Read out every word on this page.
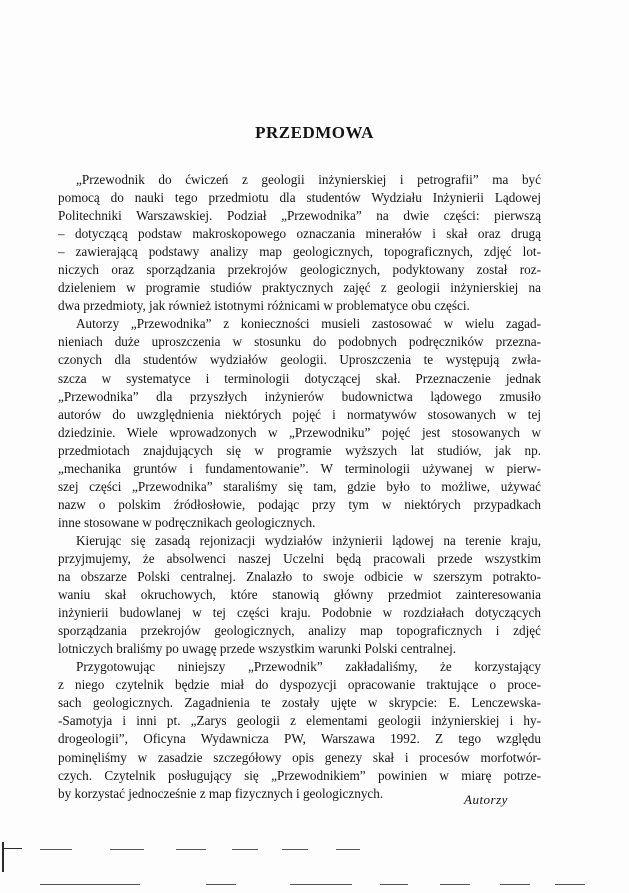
PRZEDMOWA
„Przewodnik do ćwiczeń z geologii inżynierskiej i petrografii” ma być
pomocą do nauki tego przedmiotu dla studentów Wydziału Inżynierii Lądowej
Politechniki Warszawskiej. Podział „Przewodnika” na dwie części: pierwszą
– dotyczącą podstaw makroskopowego oznaczania minerałów i skał oraz drugą
– zawierającą podstawy analizy map geologicznych, topograficznych, zdjęć lot-
niczych oraz sporządzania przekrojów geologicznych, podyktowany został roz-
dzieleniem w programie studiów praktycznych zajęć z geologii inżynierskiej na
dwa przedmioty, jak również istotnymi różnicami w problematyce obu części.
Autorzy „Przewodnika” z konieczności musieli zastosować w wielu zagad-
nieniach duże uproszczenia w stosunku do podobnych podręczników przezna-
czonych dla studentów wydziałów geologii. Uproszczenia te występują zwła-
szcza w systematyce i terminologii dotyczącej skał. Przeznaczenie jednak
„Przewodnika” dla przyszłych inżynierów budownictwa lądowego zmusiło
autorów do uwzględnienia niektórych pojęć i normatywów stosowanych w tej
dziedzinie. Wiele wprowadzonych w „Przewodniku” pojęć jest stosowanych w
przedmiotach znajdujących się w programie wyższych lat studiów, jak np.
„mechanika gruntów i fundamentowanie”. W terminologii używanej w pierw-
szej części „Przewodnika” staraliśmy się tam, gdzie było to możliwe, używać
nazw o polskim źródłosłowie, podając przy tym w niektórych przypadkach
inne stosowane w podręcznikach geologicznych.
Kierując się zasadą rejonizacji wydziałów inżynierii lądowej na terenie kraju,
przyjmujemy, że absolwenci naszej Uczelni będą pracowali przede wszystkim
na obszarze Polski centralnej. Znalazło to swoje odbicie w szerszym potrakto-
waniu skał okruchowych, które stanowią główny przedmiot zainteresowania
inżynierii budowlanej w tej części kraju. Podobnie w rozdziałach dotyczących
sporządzania przekrojów geologicznych, analizy map topograficznych i zdjęć
lotniczych braliśmy po uwagę przede wszystkim warunki Polski centralnej.
Przygotowując niniejszy „Przewodnik” zakładaliśmy, że korzystający
z niego czytelnik będzie miał do dyspozycji opracowanie traktujące o proce-
sach geologicznych. Zagadnienia te zostały ujęte w skrypcie: E. Lenczewska-
-Samotyja i inni pt. „Zarys geologii z elementami geologii inżynierskiej i hy-
drogeologii”, Oficyna Wydawnicza PW, Warszawa 1992. Z tego względu
pominęliśmy w zasadzie szczegółowy opis genezy skał i procesów morfotwór-
czych. Czytelnik posługujący się „Przewodnikiem” powinien w miarę potrze-
by korzystać jednocześnie z map fizycznych i geologicznych.	Autorzy
